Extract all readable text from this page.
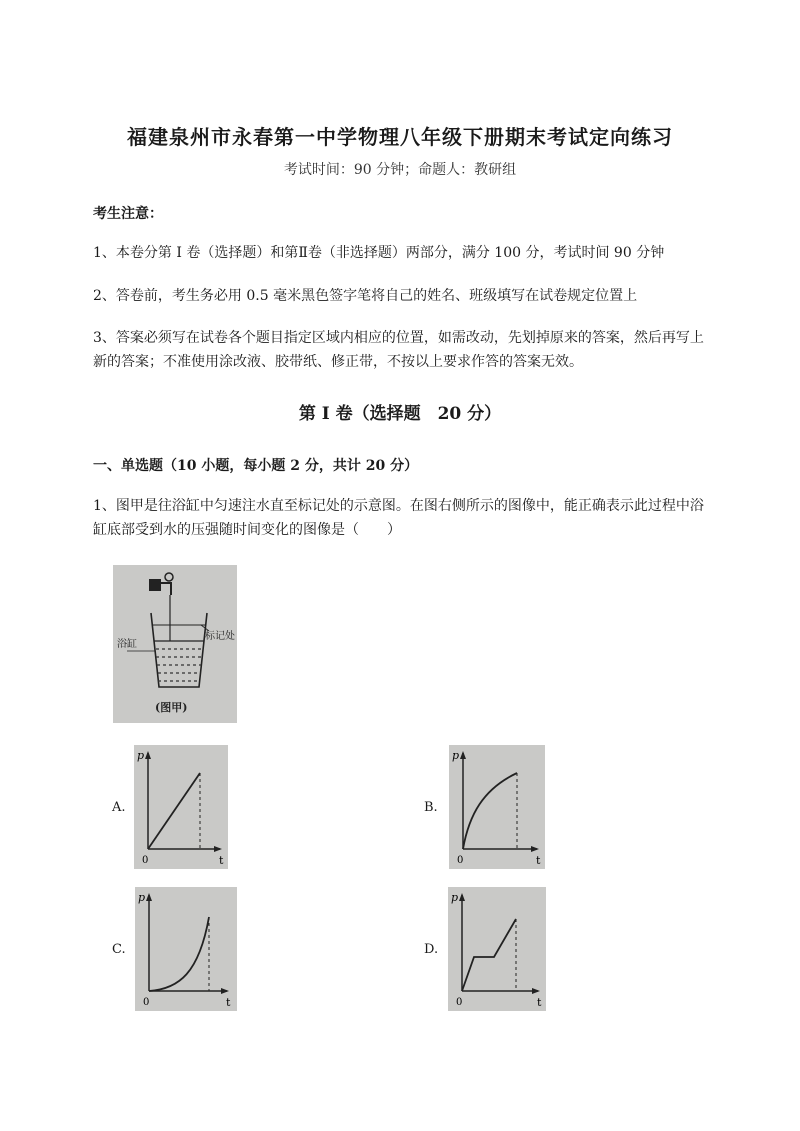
福建泉州市永春第一中学物理八年级下册期末考试定向练习
考试时间：90 分钟；命题人：教研组
考生注意：
1、本卷分第 I 卷（选择题）和第Ⅱ卷（非选择题）两部分，满分 100 分，考试时间 90 分钟
2、答卷前，考生务必用 0.5 毫米黑色签字笔将自己的姓名、班级填写在试卷规定位置上
3、答案必须写在试卷各个题目指定区域内相应的位置，如需改动，先划掉原来的答案，然后再写上新的答案；不准使用涂改液、胶带纸、修正带，不按以上要求作答的答案无效。
第 I 卷（选择题　20 分）
一、单选题（10 小题，每小题 2 分，共计 20 分）
1、图甲是往浴缸中匀速注水直至标记处的示意图。在图右侧所示的图像中，能正确表示此过程中浴缸底部受到水的压强随时间变化的图像是（　　）
浴缸
标记处
(图甲)
A.
p
t
0
B.
p
t
0
C.
p
t
0
D.
p
t
0
